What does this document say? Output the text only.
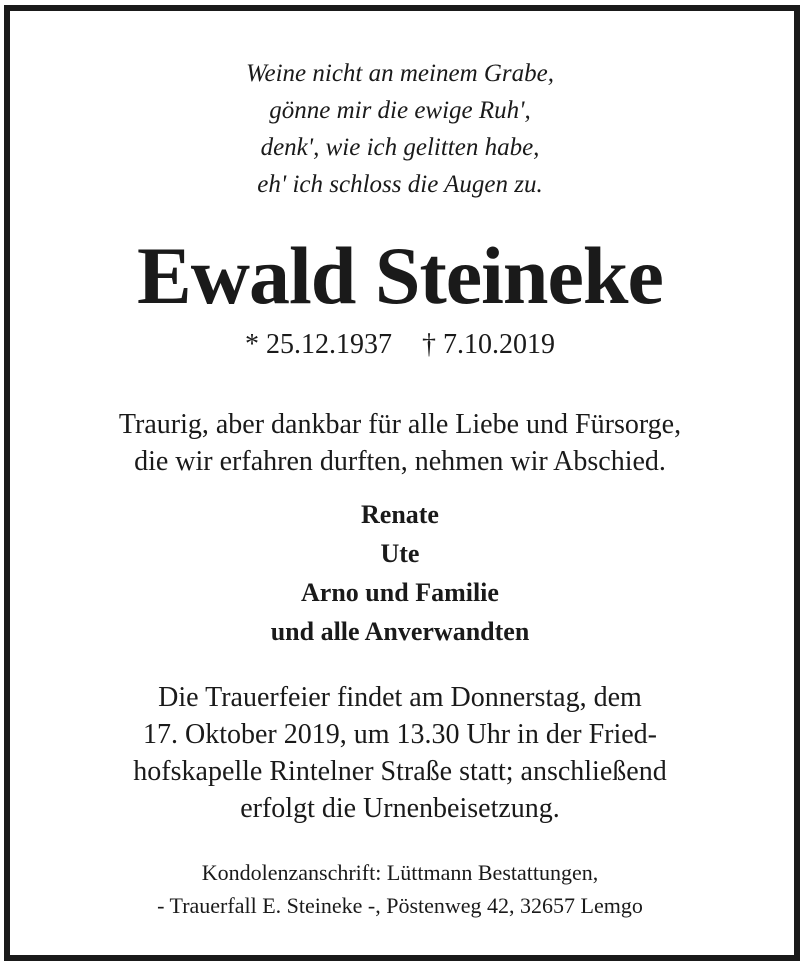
Weine nicht an meinem Grabe,
gönne mir die ewige Ruh',
denk', wie ich gelitten habe,
eh' ich schloss die Augen zu.
Ewald Steineke
* 25.12.1937 † 7.10.2019
Traurig, aber dankbar für alle Liebe und Fürsorge,
die wir erfahren durften, nehmen wir Abschied.
Renate
Ute
Arno und Familie
und alle Anverwandten
Die Trauerfeier findet am Donnerstag, dem
17. Oktober 2019, um 13.30 Uhr in der Fried-
hofskapelle Rintelner Straße statt; anschließend
erfolgt die Urnenbeisetzung.
Kondolenzanschrift: Lüttmann Bestattungen,
- Trauerfall E. Steineke -, Pöstenweg 42, 32657 Lemgo
